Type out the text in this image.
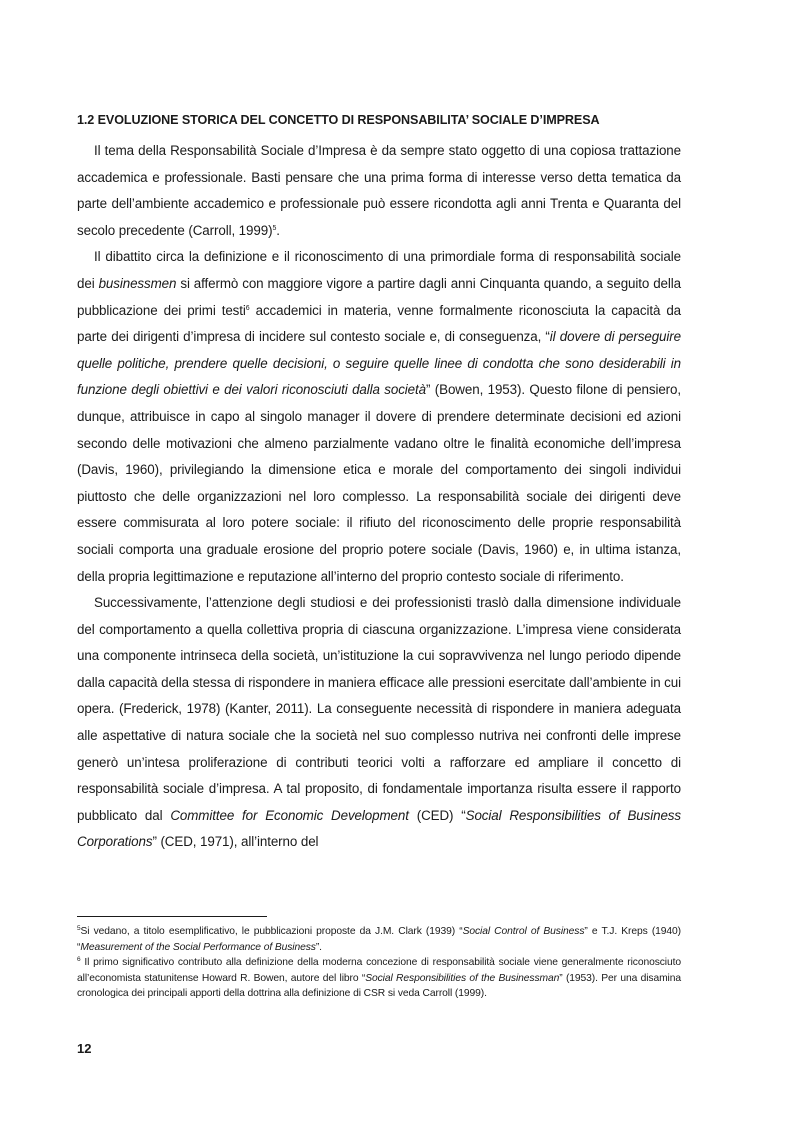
1.2 EVOLUZIONE STORICA DEL CONCETTO DI RESPONSABILITA’ SOCIALE D’IMPRESA

Il tema della Responsabilità Sociale d’Impresa è da sempre stato oggetto di una copiosa trattazione accademica e professionale. Basti pensare che una prima forma di interesse verso detta tematica da parte dell’ambiente accademico e professionale può essere ricondotta agli anni Trenta e Quaranta del secolo precedente (Carroll, 1999)$^5$.

Il dibattito circa la definizione e il riconoscimento di una primordiale forma di responsabilità sociale dei businessmen si affermò con maggiore vigore a partire dagli anni Cinquanta quando, a seguito della pubblicazione dei primi testi$^6$ accademici in materia, venne formalmente riconosciuta la capacità da parte dei dirigenti d’impresa di incidere sul contesto sociale e, di conseguenza, “il dovere di perseguire quelle politiche, prendere quelle decisioni, o seguire quelle linee di condotta che sono desiderabili in funzione degli obiettivi e dei valori riconosciuti dalla società” (Bowen, 1953). Questo filone di pensiero, dunque, attribuisce in capo al singolo manager il dovere di prendere determinate decisioni ed azioni secondo delle motivazioni che almeno parzialmente vadano oltre le finalità economiche dell’impresa (Davis, 1960), privilegiando la dimensione etica e morale del comportamento dei singoli individui piuttosto che delle organizzazioni nel loro complesso. La responsabilità sociale dei dirigenti deve essere commisurata al loro potere sociale: il rifiuto del riconoscimento delle proprie responsabilità sociali comporta una graduale erosione del proprio potere sociale (Davis, 1960) e, in ultima istanza, della propria legittimazione e reputazione all’interno del proprio contesto sociale di riferimento.

Successivamente, l’attenzione degli studiosi e dei professionisti traslò dalla dimensione individuale del comportamento a quella collettiva propria di ciascuna organizzazione. L’impresa viene considerata una componente intrinseca della società, un’istituzione la cui sopravvivenza nel lungo periodo dipende dalla capacità della stessa di rispondere in maniera efficace alle pressioni esercitate dall’ambiente in cui opera. (Frederick, 1978) (Kanter, 2011). La conseguente necessità di rispondere in maniera adeguata alle aspettative di natura sociale che la società nel suo complesso nutriva nei confronti delle imprese generò un’intesa proliferazione di contributi teorici volti a rafforzare ed ampliare il concetto di responsabilità sociale d’impresa. A tal proposito, di fondamentale importanza risulta essere il rapporto pubblicato dal Committee for Economic Development (CED) “Social Responsibilities of Business Corporations” (CED, 1971), all’interno del

$^5$Si vedano, a titolo esemplificativo, le pubblicazioni proposte da J.M. Clark (1939) “Social Control of Business” e T.J. Kreps (1940) “Measurement of the Social Performance of Business”.

$^6$ Il primo significativo contributo alla definizione della moderna concezione di responsabilità sociale viene generalmente riconosciuto all’economista statunitense Howard R. Bowen, autore del libro “Social Responsibilities of the Businessman” (1953). Per una disamina cronologica dei principali apporti della dottrina alla definizione di CSR si veda Carroll (1999).

12
